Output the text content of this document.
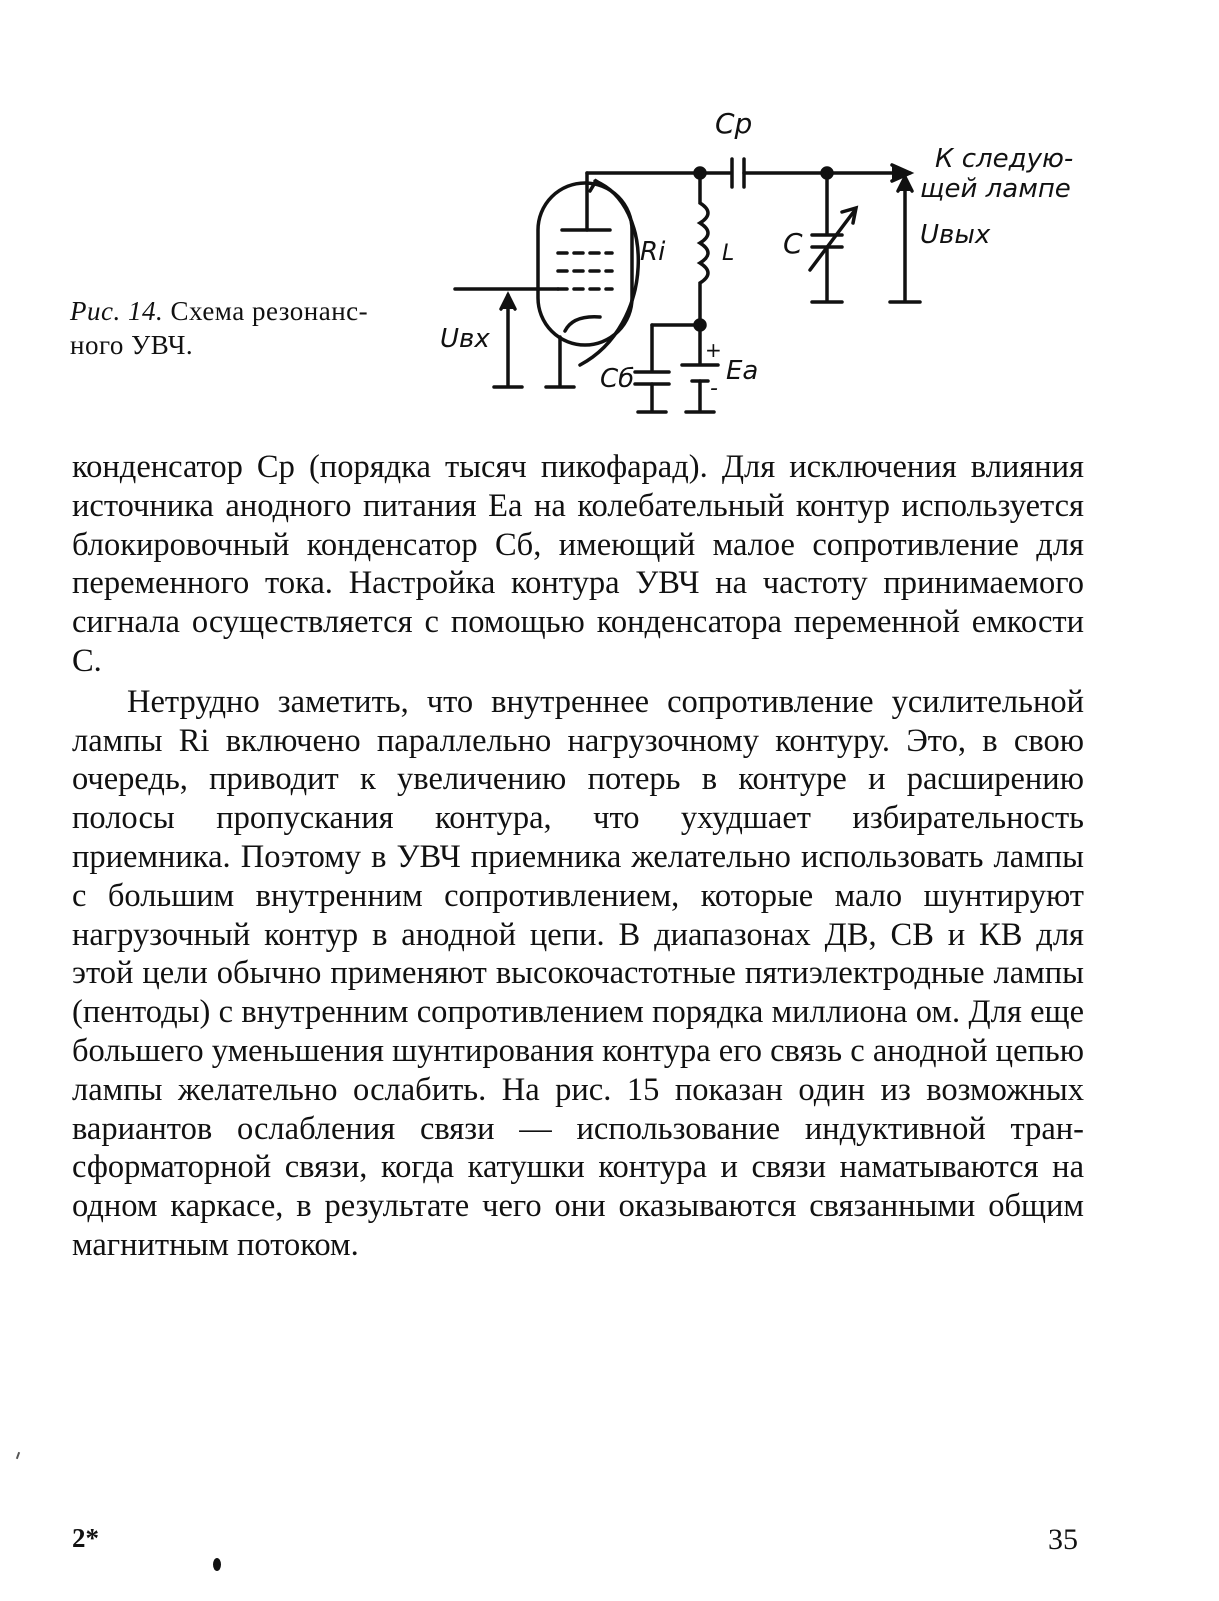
Рис. 14. Схема резонанс-
ного УВЧ.
Cр
К следую-
щей лампе
Uвых
Ri	L C
Uвх
Cб	Eа
+
-

конденсатор Cр (порядка тысяч пикофарад). Для исключения влияния источника анодного питания Eа на колебательный контур используется блокировочный конденсатор Cб, имеющий малое сопротивление для переменного тока. Настройка контура УВЧ на частоту принимаемого сигнала осуществляется с помощью конденсатора переменной емкости C.

Нетрудно заметить, что внутреннее сопротивление усилительной лампы Ri включено параллельно нагрузочному контуру. Это, в свою очередь, приводит к увеличению потерь в контуре и расширению полосы пропускания контура, что ухудшает избирательность приемника. Поэтому в УВЧ приемника желательно использовать лампы с большим внутренним сопротивлением, которые мало шунтируют нагрузочный контур в анодной цепи. В диапазонах ДВ, СВ и КВ для этой цели обычно применяют высокочастотные пятиэлектродные лампы (пентоды) с внутренним сопротивлением порядка миллиона ом. Для еще большего уменьшения шунтирования контура его связь с анодной цепью лампы желательно ослабить. На рис. 15 показан один из возможных вариантов ослабления связи — использование индуктивной трансформаторной связи, когда катушки контура и связи наматываются на одном каркасе, в результате чего они оказываются связанными общим магнитным потоком.

2*	35
